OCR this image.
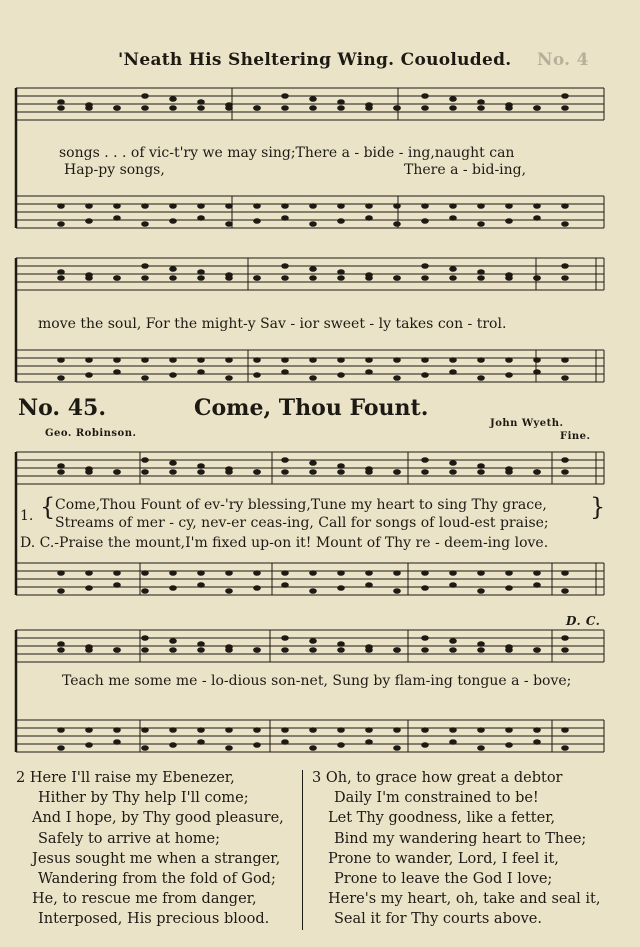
'Neath His Sheltering Wing. Couoluded. No. 4
songs . . . of vic-t'ry we may sing;There a - bide - ing,naught can
Hap-py songs,	There a - bid-ing,
move the soul, For the might-y Sav - ior sweet - ly takes con - trol.
No. 45.	Come, Thou Fount.
Geo. Robinson.
John Wyeth.
Fine.
1. {	}
Come,Thou Fount of ev-'ry blessing,Tune my heart to sing Thy grace,
Streams of mer - cy, nev-er ceas-ing, Call for songs of loud-est praise;
D. C.-Praise the mount,I'm fixed up-on it! Mount of Thy re - deem-ing love.
D. C.
Teach me some me - lo-dious son-net, Sung by flam-ing tongue a - bove;
2 Here I'll raise my Ebenezer,
Hither by Thy help I'll come;
And I hope, by Thy good pleasure,
Safely to arrive at home;
Jesus sought me when a stranger,
Wandering from the fold of God;
He, to rescue me from danger,
Interposed, His precious blood.
3 Oh, to grace how great a debtor
Daily I'm constrained to be!
Let Thy goodness, like a fetter,
Bind my wandering heart to Thee;
Prone to wander, Lord, I feel it,
Prone to leave the God I love;
Here's my heart, oh, take and seal it,
Seal it for Thy courts above.
